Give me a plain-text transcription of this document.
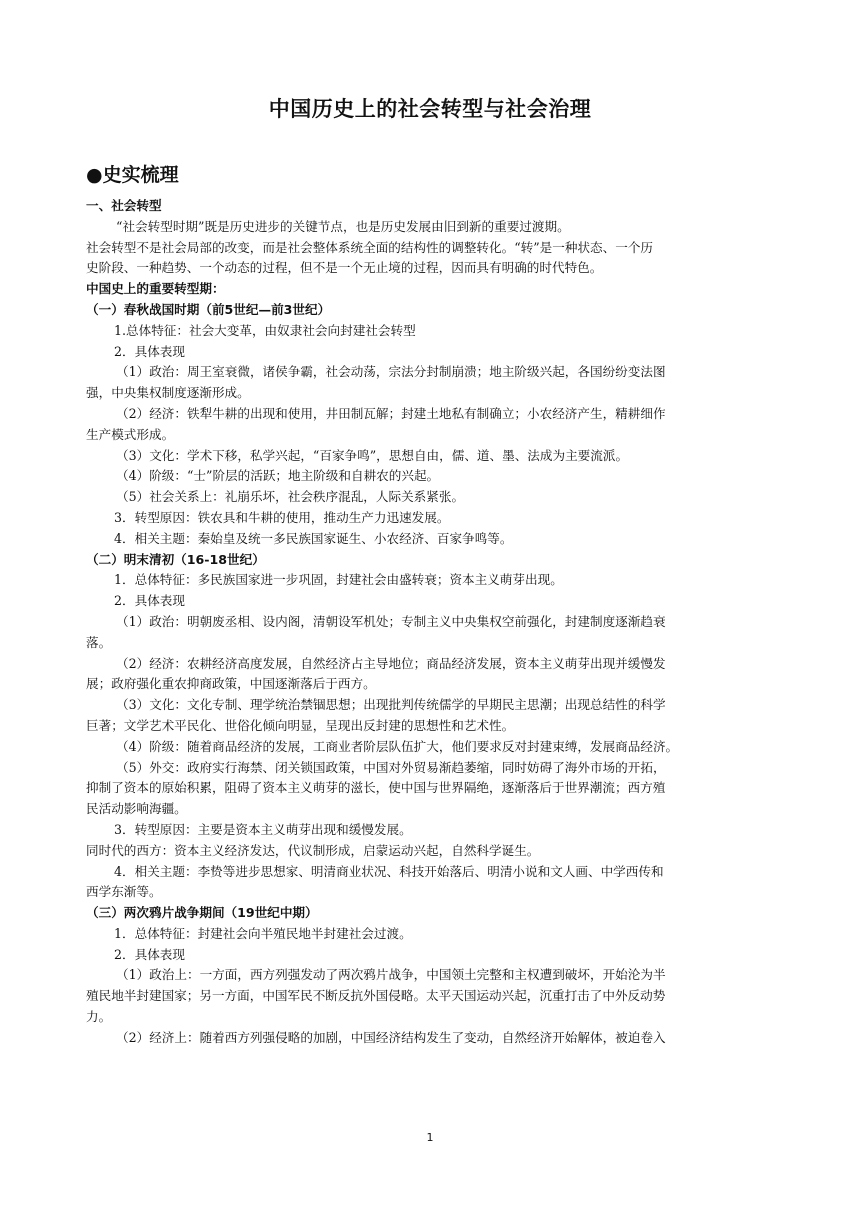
中国历史上的社会转型与社会治理
●史实梳理
一、社会转型
“社会转型时期”既是历史进步的关键节点，也是历史发展由旧到新的重要过渡期。
社会转型不是社会局部的改变，而是社会整体系统全面的结构性的调整转化。“转”是一种状态、一个历
史阶段、一种趋势、一个动态的过程，但不是一个无止境的过程，因而具有明确的时代特色。
中国史上的重要转型期：
（一）春秋战国时期（前5世纪—前3世纪）
1.总体特征：社会大变革，由奴隶社会向封建社会转型
2．具体表现
（1）政治：周王室衰微，诸侯争霸，社会动荡，宗法分封制崩溃；地主阶级兴起，各国纷纷变法图
强，中央集权制度逐渐形成。
（2）经济：铁犁牛耕的出现和使用，井田制瓦解；封建土地私有制确立；小农经济产生，精耕细作
生产模式形成。
（3）文化：学术下移，私学兴起，“百家争鸣”，思想自由，儒、道、墨、法成为主要流派。
（4）阶级：“士”阶层的活跃；地主阶级和自耕农的兴起。
（5）社会关系上：礼崩乐坏，社会秩序混乱，人际关系紧张。
3．转型原因：铁农具和牛耕的使用，推动生产力迅速发展。
4．相关主题：秦始皇及统一多民族国家诞生、小农经济、百家争鸣等。
（二）明末清初（16-18世纪）
1．总体特征：多民族国家进一步巩固，封建社会由盛转衰；资本主义萌芽出现。
2．具体表现
（1）政治：明朝废丞相、设内阁，清朝设军机处；专制主义中央集权空前强化，封建制度逐渐趋衰
落。
（2）经济：农耕经济高度发展，自然经济占主导地位；商品经济发展，资本主义萌芽出现并缓慢发
展；政府强化重农抑商政策，中国逐渐落后于西方。
（3）文化：文化专制、理学统治禁锢思想；出现批判传统儒学的早期民主思潮；出现总结性的科学
巨著；文学艺术平民化、世俗化倾向明显，呈现出反封建的思想性和艺术性。
（4）阶级：随着商品经济的发展，工商业者阶层队伍扩大，他们要求反对封建束缚，发展商品经济。
（5）外交：政府实行海禁、闭关锁国政策，中国对外贸易渐趋萎缩，同时妨碍了海外市场的开拓，
抑制了资本的原始积累，阻碍了资本主义萌芽的滋长，使中国与世界隔绝，逐渐落后于世界潮流；西方殖
民活动影响海疆。
3．转型原因：主要是资本主义萌芽出现和缓慢发展。
同时代的西方：资本主义经济发达，代议制形成，启蒙运动兴起，自然科学诞生。
4．相关主题：李贽等进步思想家、明清商业状况、科技开始落后、明清小说和文人画、中学西传和
西学东渐等。
（三）两次鸦片战争期间（19世纪中期）
1．总体特征：封建社会向半殖民地半封建社会过渡。
2．具体表现
（1）政治上：一方面，西方列强发动了两次鸦片战争，中国领土完整和主权遭到破坏，开始沦为半
殖民地半封建国家；另一方面，中国军民不断反抗外国侵略。太平天国运动兴起，沉重打击了中外反动势
力。
（2）经济上：随着西方列强侵略的加剧，中国经济结构发生了变动，自然经济开始解体，被迫卷入
1
